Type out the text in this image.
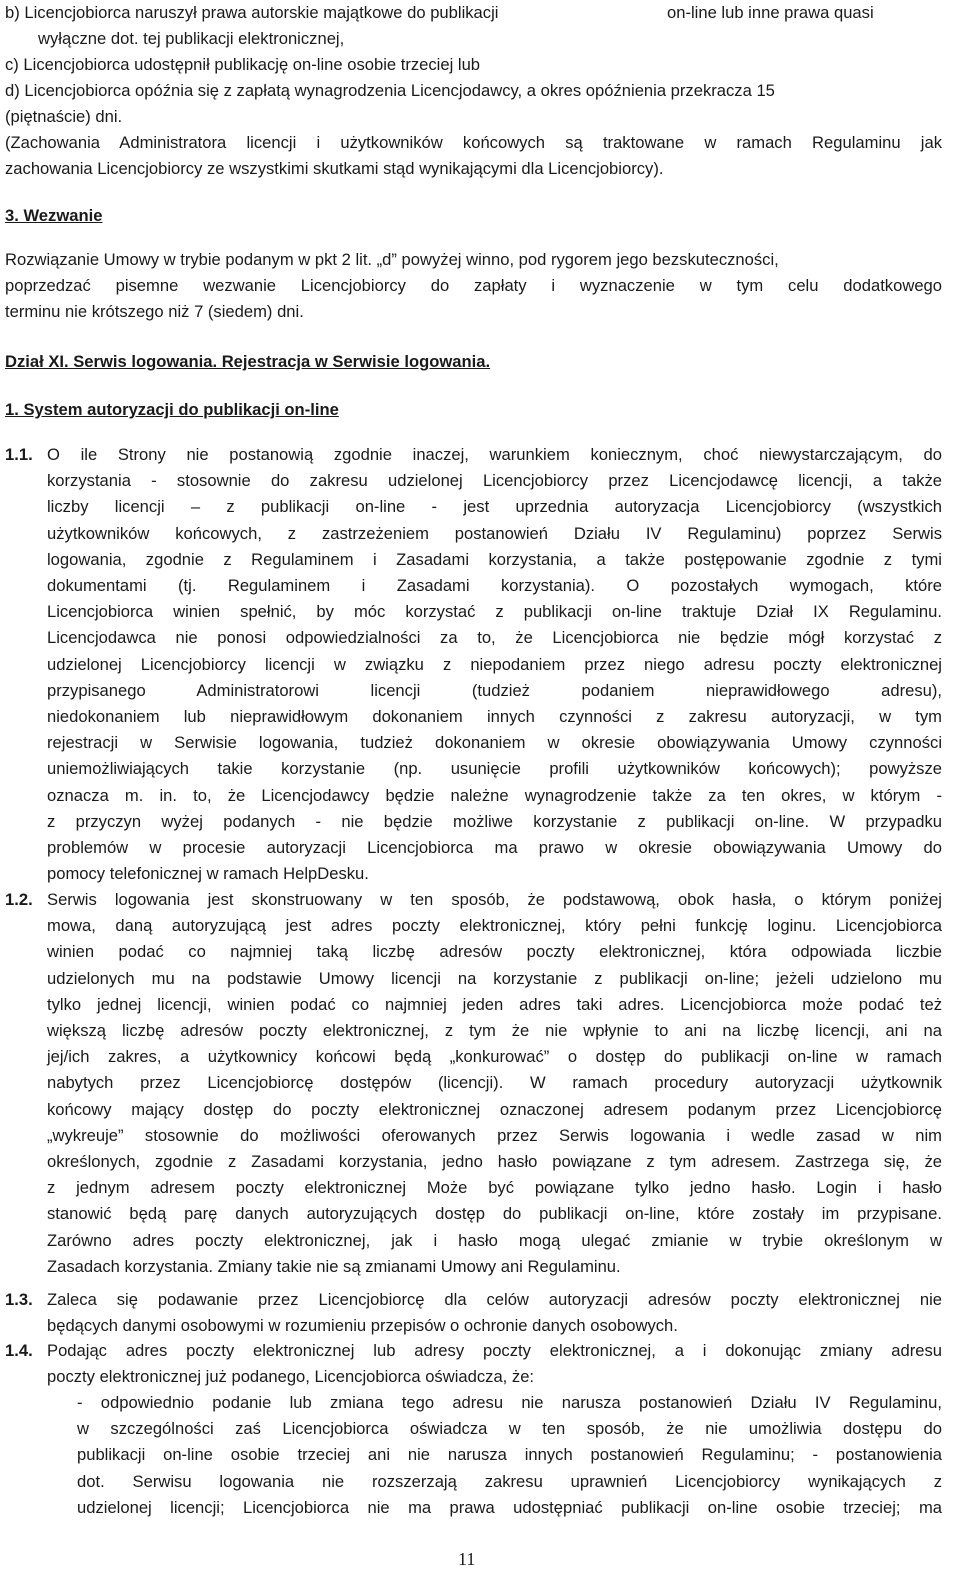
b) Licencjobiorca naruszył prawa autorskie majątkowe do publikacji	on-line lub inne prawa quasi
wyłączne dot. tej publikacji elektronicznej,
c) Licencjobiorca udostępnił publikację on-line osobie trzeciej lub
d) Licencjobiorca opóźnia się z zapłatą wynagrodzenia Licencjodawcy, a okres opóźnienia przekracza 15
(piętnaście) dni.
(Zachowania Administratora licencji i użytkowników końcowych są traktowane w ramach Regulaminu jak
zachowania Licencjobiorcy ze wszystkimi skutkami stąd wynikającymi dla Licencjobiorcy).
3. Wezwanie
Rozwiązanie Umowy w trybie podanym w pkt 2 lit. „d” powyżej winno, pod rygorem jego bezskuteczności,
poprzedzać pisemne wezwanie Licencjobiorcy do zapłaty i wyznaczenie w tym celu dodatkowego
terminu nie krótszego niż 7 (siedem) dni.
Dział XI. Serwis logowania. Rejestracja w Serwisie logowania.
1. System autoryzacji do publikacji on-line
1.1. O ile Strony nie postanowią zgodnie inaczej, warunkiem koniecznym, choć niewystarczającym, do
korzystania - stosownie do zakresu udzielonej Licencjobiorcy przez Licencjodawcę licencji, a także
liczby licencji – z publikacji on-line - jest uprzednia autoryzacja Licencjobiorcy (wszystkich
użytkowników końcowych, z zastrzeżeniem postanowień Działu IV Regulaminu) poprzez Serwis
logowania, zgodnie z Regulaminem i Zasadami korzystania, a także postępowanie zgodnie z tymi
dokumentami (tj. Regulaminem i Zasadami korzystania). O pozostałych wymogach, które
Licencjobiorca winien spełnić, by móc korzystać z publikacji on-line traktuje Dział IX Regulaminu.
Licencjodawca nie ponosi odpowiedzialności za to, że Licencjobiorca nie będzie mógł korzystać z
udzielonej Licencjobiorcy licencji w związku z niepodaniem przez niego adresu poczty elektronicznej
przypisanego Administratorowi licencji (tudzież podaniem nieprawidłowego adresu),
niedokonaniem lub nieprawidłowym dokonaniem innych czynności z zakresu autoryzacji, w tym
rejestracji w Serwisie logowania, tudzież dokonaniem w okresie obowiązywania Umowy czynności
uniemożliwiających takie korzystanie (np. usunięcie profili użytkowników końcowych); powyższe
oznacza m. in. to, że Licencjodawcy będzie należne wynagrodzenie także za ten okres, w którym -
z przyczyn wyżej podanych - nie będzie możliwe korzystanie z publikacji on-line. W przypadku
problemów w procesie autoryzacji Licencjobiorca ma prawo w okresie obowiązywania Umowy do
pomocy telefonicznej w ramach HelpDesku.
1.2. Serwis logowania jest skonstruowany w ten sposób, że podstawową, obok hasła, o którym poniżej
mowa, daną autoryzującą jest adres poczty elektronicznej, który pełni funkcję loginu. Licencjobiorca
winien podać co najmniej taką liczbę adresów poczty elektronicznej, która odpowiada liczbie
udzielonych mu na podstawie Umowy licencji na korzystanie z publikacji on-line; jeżeli udzielono mu
tylko jednej licencji, winien podać co najmniej jeden adres taki adres. Licencjobiorca może podać też
większą liczbę adresów poczty elektronicznej, z tym że nie wpłynie to ani na liczbę licencji, ani na
jej/ich zakres, a użytkownicy końcowi będą „konkurować” o dostęp do publikacji on-line w ramach
nabytych przez Licencjobiorcę dostępów (licencji). W ramach procedury autoryzacji użytkownik
końcowy mający dostęp do poczty elektronicznej oznaczonej adresem podanym przez Licencjobiorcę
„wykreuje” stosownie do możliwości oferowanych przez Serwis logowania i wedle zasad w nim
określonych, zgodnie z Zasadami korzystania, jedno hasło powiązane z tym adresem. Zastrzega się, że
z jednym adresem poczty elektronicznej Może być powiązane tylko jedno hasło. Login i hasło
stanowić będą parę danych autoryzujących dostęp do publikacji on-line, które zostały im przypisane.
Zarówno adres poczty elektronicznej, jak i hasło mogą ulegać zmianie w trybie określonym w
Zasadach korzystania. Zmiany takie nie są zmianami Umowy ani Regulaminu.
1.3. Zaleca się podawanie przez Licencjobiorcę dla celów autoryzacji adresów poczty elektronicznej nie
będących danymi osobowymi w rozumieniu przepisów o ochronie danych osobowych.
1.4. Podając adres poczty elektronicznej lub adresy poczty elektronicznej, a i dokonując zmiany adresu
poczty elektronicznej już podanego, Licencjobiorca oświadcza, że:
- odpowiednio podanie lub zmiana tego adresu nie narusza postanowień Działu IV Regulaminu,
w szczególności zaś Licencjobiorca oświadcza w ten sposób, że nie umożliwia dostępu do
publikacji on-line osobie trzeciej ani nie narusza innych postanowień Regulaminu; - postanowienia
dot. Serwisu logowania nie rozszerzają zakresu uprawnień Licencjobiorcy wynikających z
udzielonej licencji; Licencjobiorca nie ma prawa udostępniać publikacji on-line osobie trzeciej; ma
11
